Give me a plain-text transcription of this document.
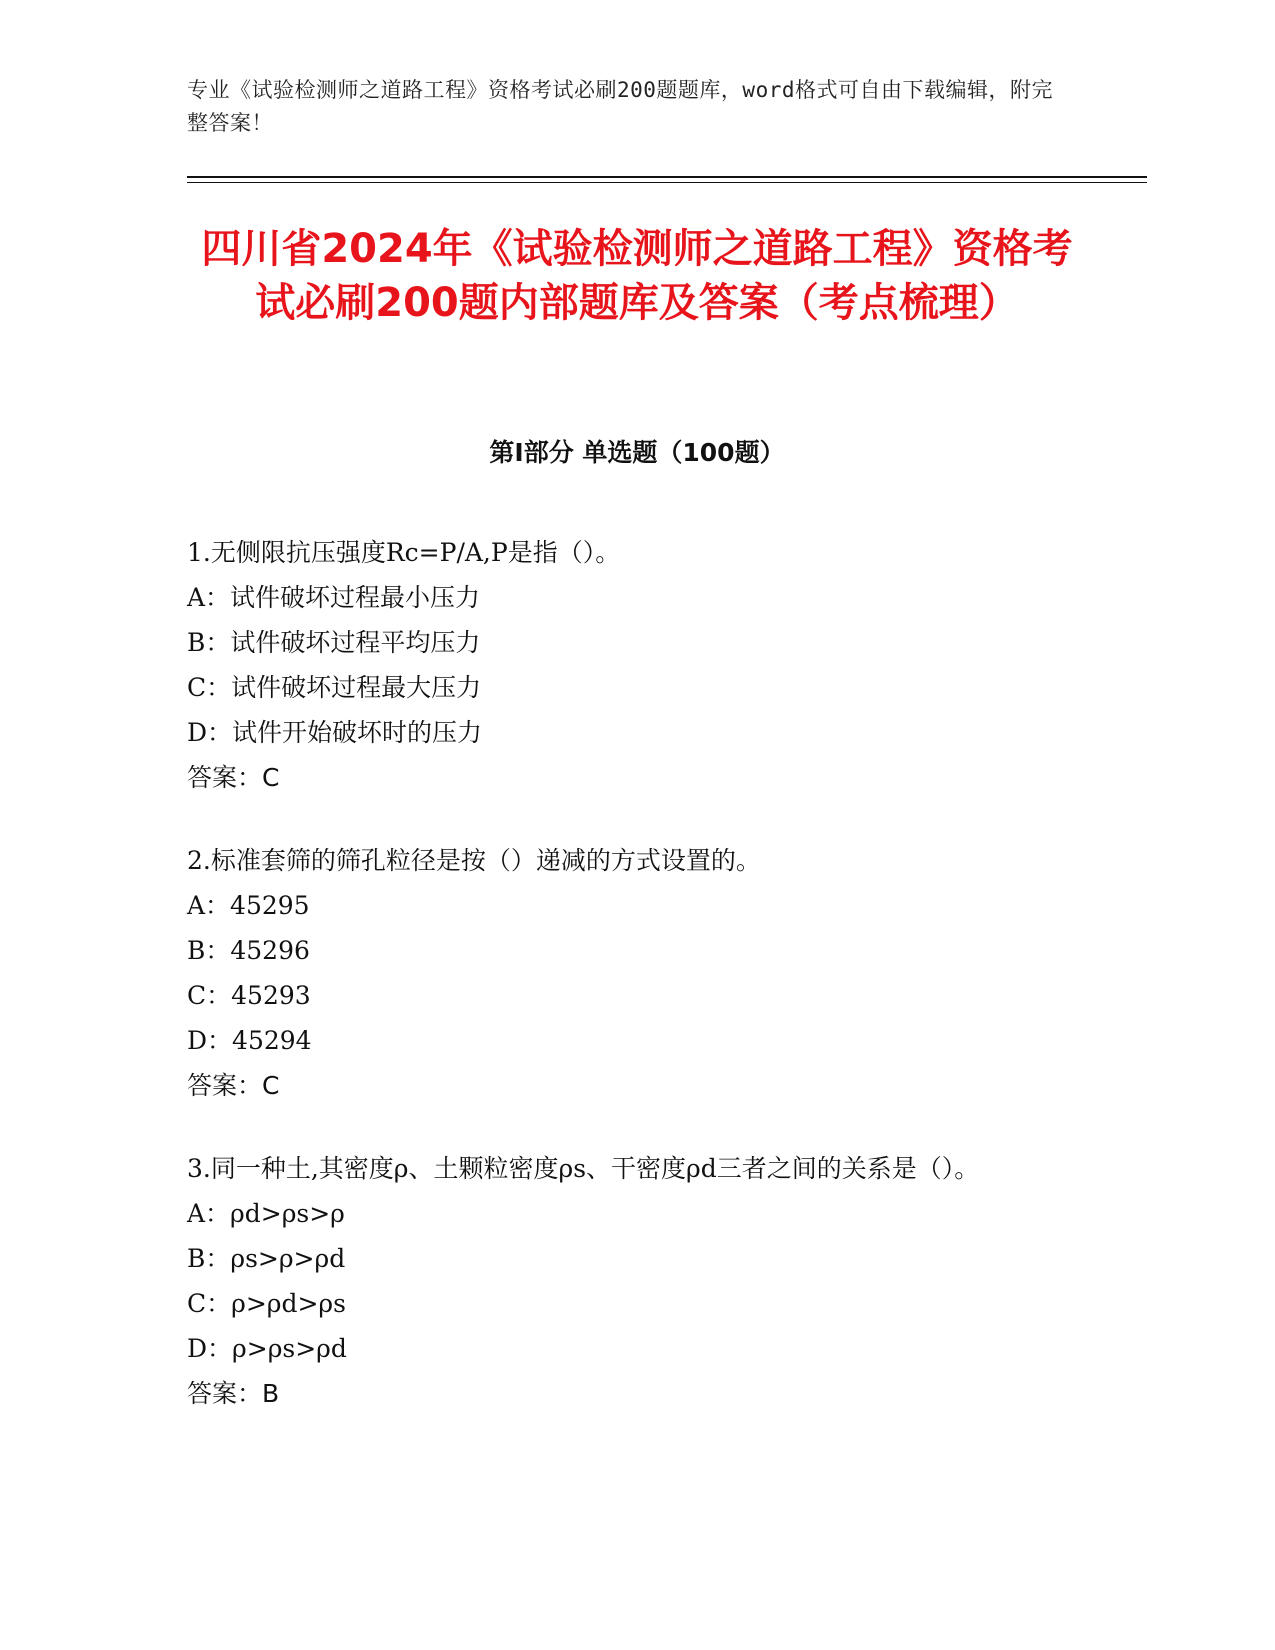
专业《试验检测师之道路工程》资格考试必刷200题题库，word格式可自由下载编辑，附完整答案！
四川省2024年《试验检测师之道路工程》资格考试必刷200题内部题库及答案（考点梳理）
第I部分 单选题（100题）
1.无侧限抗压强度Rc=P/A,P是指（）。
A：试件破坏过程最小压力
B：试件破坏过程平均压力
C：试件破坏过程最大压力
D：试件开始破坏时的压力
答案：C
2.标准套筛的筛孔粒径是按（）递减的方式设置的。
A：45295
B：45296
C：45293
D：45294
答案：C
3.同一种土,其密度ρ、土颗粒密度ρs、干密度ρd三者之间的关系是（）。
A：ρd>ρs>ρ
B：ρs>ρ>ρd
C：ρ>ρd>ρs
D：ρ>ρs>ρd
答案：B
